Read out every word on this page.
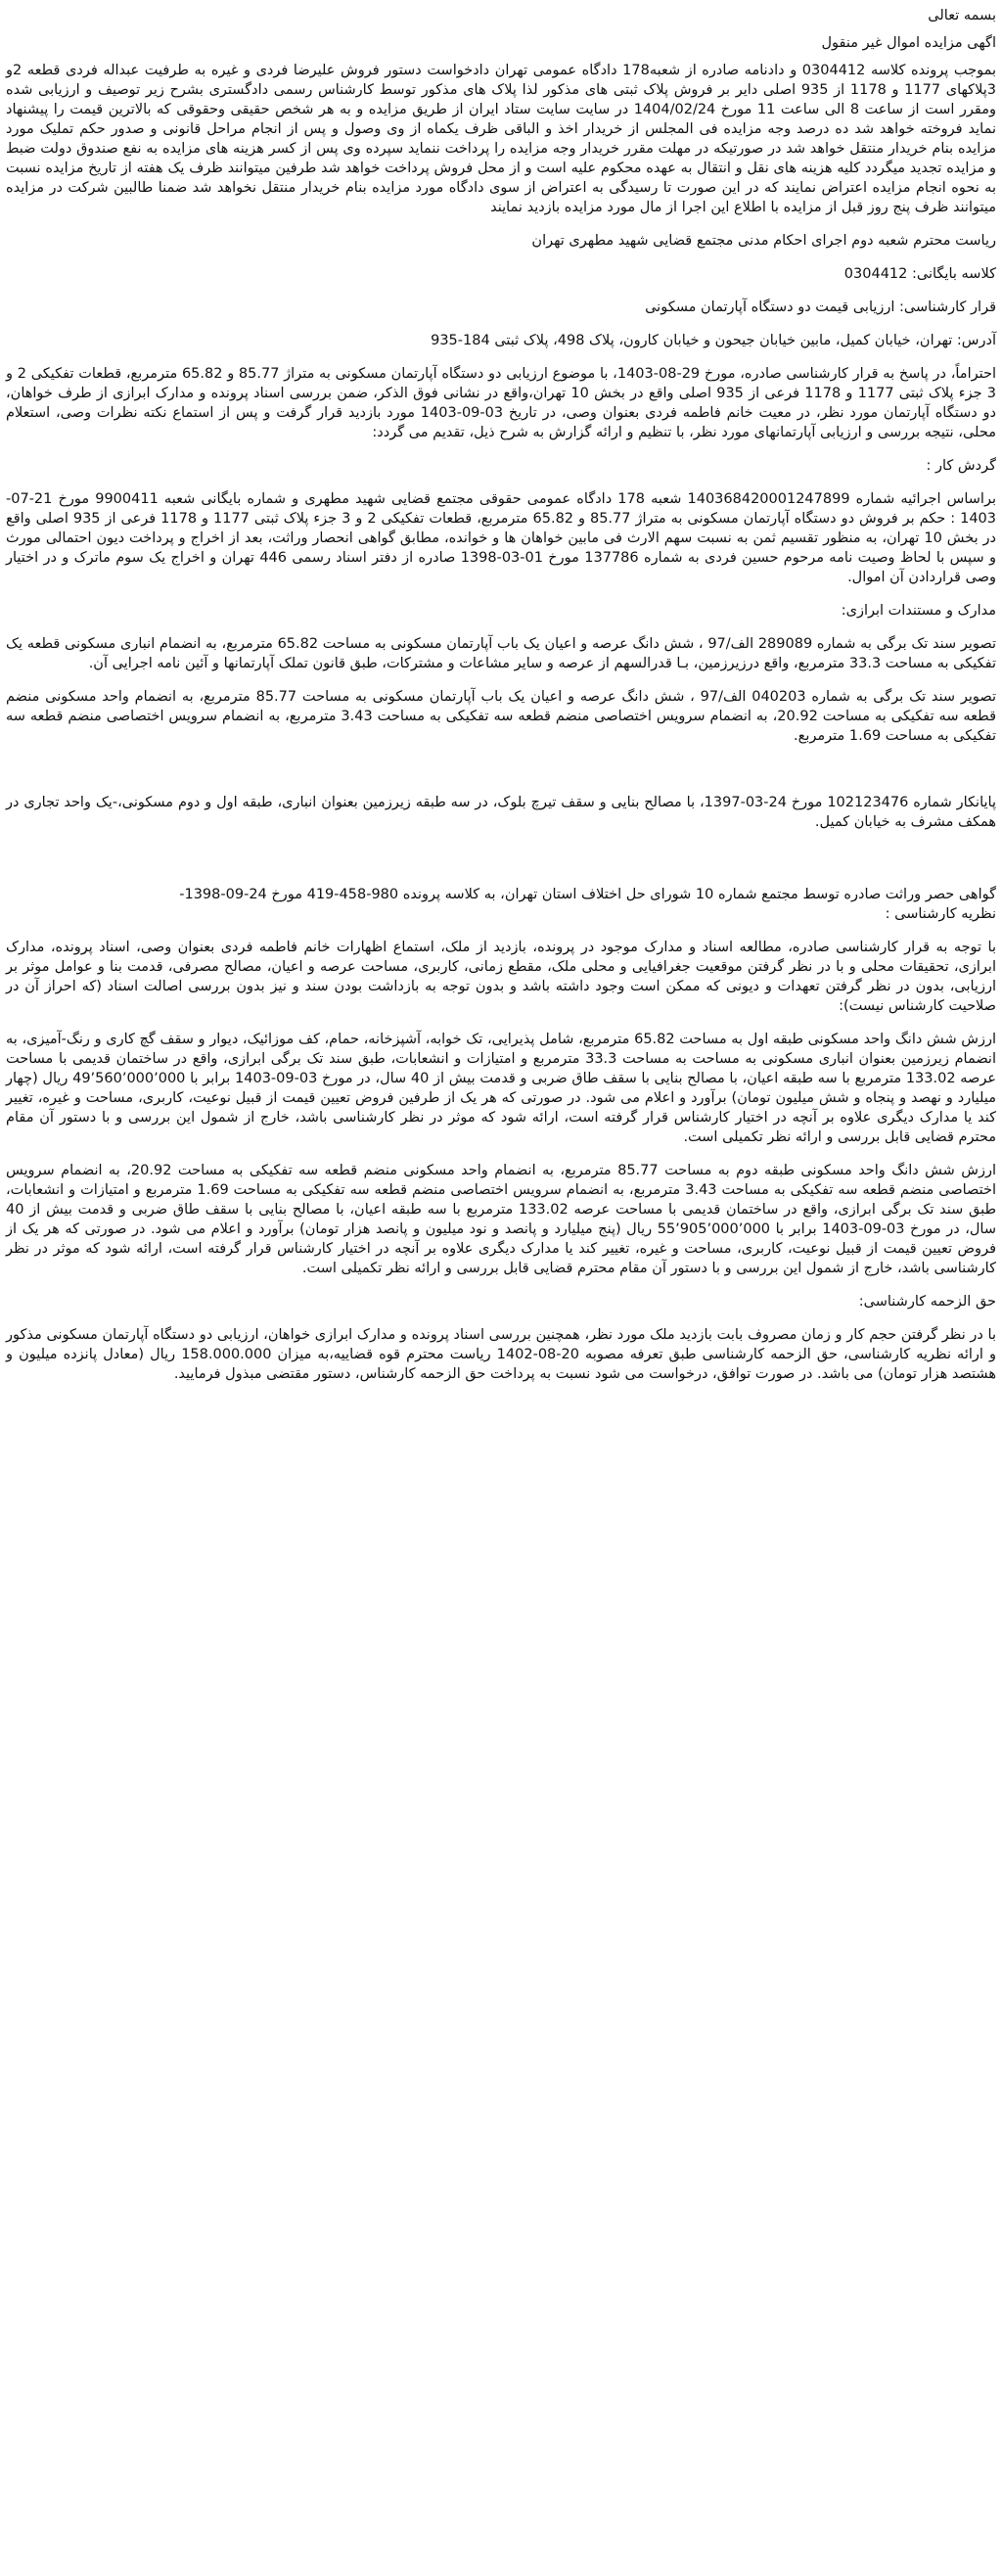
بسمه تعالی

اگهی مزایده اموال غیر منقول

بموجب پرونده کلاسه 0304412 و دادنامه صادره از شعبه178 دادگاه عمومی تهران دادخواست دستور فروش علیرضا فردی و غیره به طرفیت عبداله فردی قطعه 2و 3پلاکهای 1177 و 1178 از 935 اصلی دایر بر فروش پلاک ثبتی های مذکور لذا پلاک های مذکور توسط کارشناس رسمی دادگستری بشرح زیر توصیف و ارزیابی شده ومقرر است از ساعت 8 الی ساعت 11 مورخ 1404/02/24 در سایت سایت ستاد ایران از طریق مزایده و به هر شخص حقیقی وحقوقی که بالاترین قیمت را پیشنهاد نماید فروخته خواهد شد ده درصد وجه مزایده فی المجلس از خریدار اخذ و الباقی ظرف یکماه از وی وصول و پس از انجام مراحل قانونی و صدور حکم تملیک مورد مزایده بنام خریدار منتقل خواهد شد در صورتیکه در مهلت مقرر خریدار وجه مزایده را پرداخت ننماید سپرده وی پس از کسر هزینه های مزایده به نفع صندوق دولت ضبط و مزایده تجدید میگردد کلیه هزینه های نقل و انتقال به عهده محکوم علیه است و از محل فروش پرداخت خواهد شد طرفین میتوانند ظرف یک هفته از تاریخ مزایده نسبت به نحوه انجام مزایده اعتراض نمایند که در این صورت تا رسیدگی به اعتراض از سوی دادگاه مورد مزایده بنام خریدار منتقل نخواهد شد ضمنا طالبین شرکت در مزایده میتوانند ظرف پنج روز قبل از مزایده با اطلاع این اجرا از مال مورد مزایده بازدید نمایند

ریاست محترم شعبه دوم اجرای احکام مدنی مجتمع قضایی شهید مطهری تهران

کلاسه بایگانی: 0304412

قرار کارشناسی: ارزیابی قیمت دو دستگاه آپارتمان مسکونی

آدرس: تهران، خیابان کمیل، مابین خیابان جیحون و خیابان کارون، پلاک 498، پلاک ثبتی 184-935

احتراماً، در پاسخ به قرار کارشناسی صادره، مورخ 29-08-1403، با موضوع ارزیابی دو دستگاه آپارتمان مسکونی به متراژ 85.77 و 65.82 مترمربع، قطعات تفکیکی 2 و 3 جزء پلاک ثبتی 1177 و 1178 فرعی از 935 اصلی واقع در بخش 10 تهران،واقع در نشانی فوق الذکر، ضمن بررسی اسناد پرونده و مدارک ابرازی از طرف خواهان، دو دستگاه آپارتمان مورد نظر، در معیت خانم فاطمه فردی بعنوان وصی، در تاریخ 03-09-1403 مورد بازدید قرار گرفت و پس از استماع نکته نظرات وصی، استعلام محلی، نتیجه بررسی و ارزیابی آپارتمانهای مورد نظر، با تنظیم و ارائه گزارش به شرح ذیل، تقدیم می گردد:

گردش کار :

براساس اجرائیه شماره 140368420001247899 شعبه 178 دادگاه عمومی حقوقی مجتمع قضایی شهید مطهری و شماره بایگانی شعبه 9900411 مورخ 21-07-1403 : حکم بر فروش دو دستگاه آپارتمان مسکونی به متراژ 85.77 و 65.82 مترمربع، قطعات تفکیکی 2 و 3 جزء پلاک ثبتی 1177 و 1178 فرعی از 935 اصلی واقع در بخش 10 تهران، به منظور تقسیم ثمن به نسبت سهم الارث فی مابین خواهان ها و خوانده، مطابق گواهی انحصار وراثت، بعد از اخراج و پرداخت دیون احتمالی مورث و سپس با لحاظ وصیت نامه مرحوم حسین فردی به شماره 137786 مورخ 01-03-1398 صادره از دفتر اسناد رسمی 446 تهران و اخراج یک سوم ماترک و در اختیار وصی قراردادن آن اموال.

مدارک و مستندات ابرازی:

تصویر سند تک برگی به شماره 289089 الف/97 ، شش دانگ عرصه و اعیان یک باب آپارتمان مسکونی به مساحت 65.82 مترمربع، به انضمام انباری مسکونی قطعه یک تفکیکی به مساحت 33.3 مترمربع، واقع درزیرزمین، بـا قدرالسهم از عرصه و سایر مشاعات و مشترکات، طبق قانون تملک آپارتمانها و آئین نامه اجرایی آن.

تصویر سند تک برگی به شماره 040203 الف/97 ، شش دانگ عرصه و اعیان یک باب آپارتمان مسکونی به مساحت 85.77 مترمربع، به انضمام واحد مسکونی منضم قطعه سه تفکیکی به مساحت 20.92، به انضمام سرویس اختصاصی منضم قطعه سه تفکیکی به مساحت 3.43 مترمربع، به انضمام سرویس اختصاصی منضم قطعه سه تفکیکی به مساحت 1.69 مترمربع.

پایانکار شماره 102123476 مورخ 24-03-1397، با مصالح بنایی و سقف تیرچ بلوک، در سه طبقه زیرزمین بعنوان انباری، طبقه اول و دوم مسکونی،-یک واحد تجاری در همکف مشرف به خیابان کمیل.

گواهی حصر وراثت صادره توسط مجتمع شماره 10 شورای حل اختلاف استان تهران، به کلاسه پرونده 980-458-419 مورخ 24-09-1398-

نظریه کارشناسی :

با توجه به قرار کارشناسی صادره، مطالعه اسناد و مدارک موجود در پرونده، بازدید از ملک، استماع اظهارات خانم فاطمه فردی بعنوان وصی، اسناد پرونده، مدارک ابرازی، تحقیقات محلی و با در نظر گرفتن موقعیت جغرافیایی و محلی ملک، مقطع زمانی، کاربری، مساحت عرصه و اعیان، مصالح مصرفی، قدمت بنا و عوامل موثر بر ارزیابی، بدون در نظر گرفتن تعهدات و دیونی که ممکن است وجود داشته باشد و بدون توجه به بازداشت بودن سند و نیز بدون بررسی اصالت اسناد (که احراز آن در صلاحیت کارشناس نیست):

ارزش شش دانگ واحد مسکونی طبقه اول به مساحت 65.82 مترمربع، شامل پذیرایی، تک خوابه، آشپزخانه، حمام، کف موزائیک، دیوار و سقف گچ کاری و رنگ-آمیزی، به انضمام زیرزمین بعنوان انباری مسکونی به مساحت به مساحت 33.3 مترمربع و امتیازات و انشعابات، طبق سند تک برگی ابرازی، واقع در ساختمان قدیمی با مساحت عرصه 133.02 مترمربع با سه طبقه اعیان، با مصالح بنایی با سقف طاق ضربی و قدمت بیش از 40 سال، در مورخ 03-09-1403 برابر با 49٬560٬000٬000 ریال (چهار میلیارد و نهصد و پنجاه و شش میلیون تومان) برآورد و اعلام می شود. در صورتی که هر یک از طرفین فروض تعیین قیمت از قبیل نوعیت، کاربری، مساحت و غیره، تغییر کند یا مدارک دیگری علاوه بر آنچه در اختیار کارشناس قرار گرفته است، ارائه شود که موثر در نظر کارشناسی باشد، خارج از شمول این بررسی و با دستور آن مقام محترم قضایی قابل بررسی و ارائه نظر تکمیلی است.

ارزش شش دانگ واحد مسکونی طبقه دوم به مساحت 85.77 مترمربع، به انضمام واحد مسکونی منضم قطعه سه تفکیکی به مساحت 20.92، به انضمام سرویس اختصاصی منضم قطعه سه تفکیکی به مساحت 3.43 مترمربع، به انضمام سرویس اختصاصی منضم قطعه سه تفکیکی به مساحت 1.69 مترمربع و امتیازات و انشعابات، طبق سند تک برگی ابرازی، واقع در ساختمان قدیمی با مساحت عرصه 133.02 مترمربع با سه طبقه اعیان، با مصالح بنایی با سقف طاق ضربی و قدمت بیش از 40 سال، در مورخ 03-09-1403 برابر با 55٬905٬000٬000 ریال (پنج میلیارد و پانصد و نود میلیون و پانصد هزار تومان) برآورد و اعلام می شود. در صورتی که هر یک از فروض تعیین قیمت از قبیل نوعیت، کاربری، مساحت و غیره، تغییر کند یا مدارک دیگری علاوه بر آنچه در اختیار کارشناس قرار گرفته است، ارائه شود که موثر در نظر کارشناسی باشد، خارج از شمول این بررسی و با دستور آن مقام محترم قضایی قابل بررسی و ارائه نظر تکمیلی است.

حق الزحمه کارشناسی:

با در نظر گرفتن حجم کار و زمان مصروف بابت بازدید ملک مورد نظر، همچنین بررسی اسناد پرونده و مدارک ابرازی خواهان، ارزیابی دو دستگاه آپارتمان مسکونی مذکور و ارائه نظریه کارشناسی، حق الزحمه کارشناسی طبق تعرفه مصوبه 20-08-1402 ریاست محترم قوه قضاییه،به میزان 158.000.000 ریال (معادل پانزده میلیون و هشتصد هزار تومان) می باشد. در صورت توافق، درخواست می شود نسبت به پرداخت حق الزحمه کارشناس، دستور مقتضی مبذول فرمایید.
